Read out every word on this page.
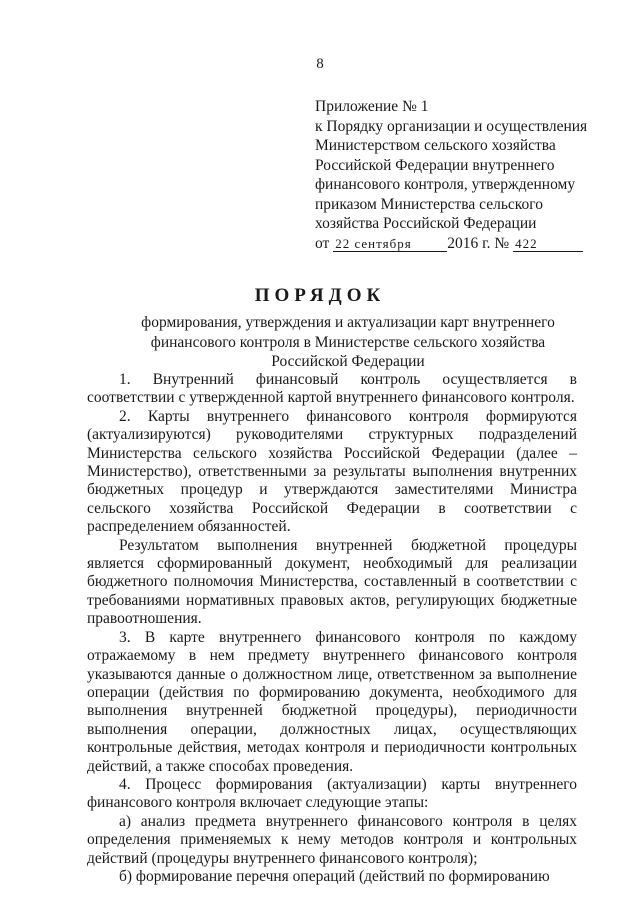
8
Приложение № 1
к Порядку организации и осуществления
Министерством сельского хозяйства
Российской Федерации внутреннего
финансового контроля, утвержденному
приказом Министерства сельского
хозяйства Российской Федерации
от 22 сентября 2016 г. № 422
ПОРЯДОК
формирования, утверждения и актуализации карт внутреннего финансового контроля в Министерстве сельского хозяйства Российской Федерации

1. Внутренний финансовый контроль осуществляется в соответствии с утвержденной картой внутреннего финансового контроля.

2. Карты внутреннего финансового контроля формируются (актуализируются) руководителями структурных подразделений Министерства сельского хозяйства Российской Федерации (далее – Министерство), ответственными за результаты выполнения внутренних бюджетных процедур и утверждаются заместителями Министра сельского хозяйства Российской Федерации в соответствии с распределением обязанностей.

Результатом выполнения внутренней бюджетной процедуры является сформированный документ, необходимый для реализации бюджетного полномочия Министерства, составленный в соответствии с требованиями нормативных правовых актов, регулирующих бюджетные правоотношения.

3. В карте внутреннего финансового контроля по каждому отражаемому в нем предмету внутреннего финансового контроля указываются данные о должностном лице, ответственном за выполнение операции (действия по формированию документа, необходимого для выполнения внутренней бюджетной процедуры), периодичности выполнения операции, должностных лицах, осуществляющих контрольные действия, методах контроля и периодичности контрольных действий, а также способах проведения.

4. Процесс формирования (актуализации) карты внутреннего финансового контроля включает следующие этапы:

а) анализ предмета внутреннего финансового контроля в целях определения применяемых к нему методов контроля и контрольных действий (процедуры внутреннего финансового контроля);

б) формирование перечня операций (действий по формированию
